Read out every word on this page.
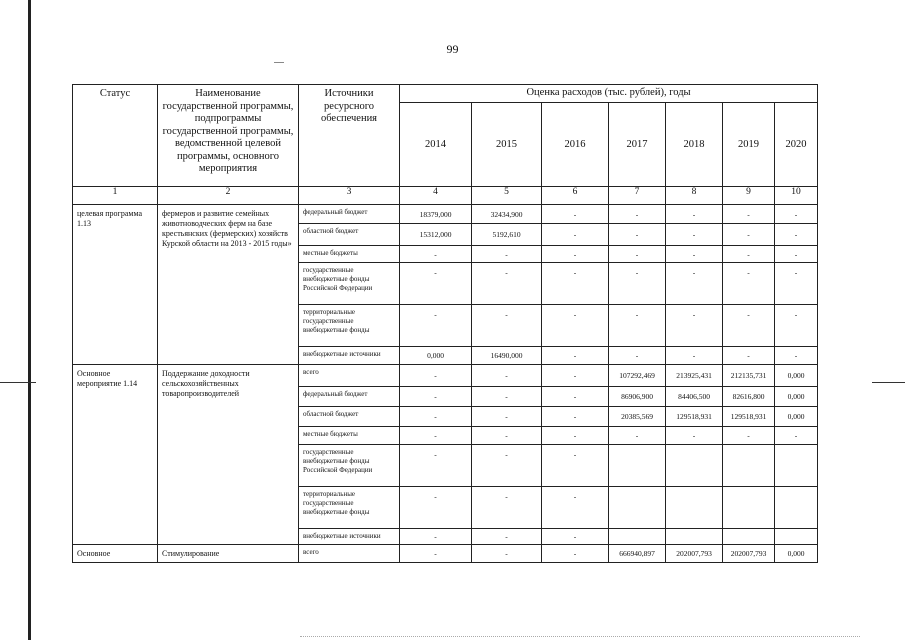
99
Статус	Наименование государственной программы, подпрограммы государственной программы, ведомственной целевой программы, основного мероприятия	Источники ресурсного обеспечения	Оценка расходов (тыс. рублей), годы						
			2014	2015	2016	2017	2018	2019	2020
1	2	3	4	5	6	7	8	9	10
целевая программа 1.13	фермеров и развитие семейных животноводческих ферм на базе крестьянских (фермерских) хозяйств Курской области на 2013 - 2015 годы»	федеральный бюджет	18379,000	32434,900	-	-	-	-	-
		областной бюджет	15312,000	5192,610	-	-	-	-	-
		местные бюджеты	-	-	-	-	-	-	-
		государственные внебюджетные фонды Российской Федерации	-	-	-	-	-	-	-
		территориальные государственные внебюджетные фонды	-	-	-	-	-	-	-
		внебюджетные источники	0,000	16490,000	-	-	-	-	-
Основное мероприятие 1.14	Поддержание доходности сельскохозяйственных товаропроизводителей	всего	-	-	-	107292,469	213925,431	212135,731	0,000
		федеральный бюджет	-	-	-	86906,900	84406,500	82616,800	0,000
		областной бюджет	-	-	-	20385,569	129518,931	129518,931	0,000
		местные бюджеты	-	-	-	-	-	-	-
		государственные внебюджетные фонды Российской Федерации	-	-	-				
		территориальные государственные внебюджетные фонды	-	-	-				
		внебюджетные источники	-	-	-				
Основное	Стимулирование	всего	-	-	-	666940,897	202007,793	202007,793	0,000
